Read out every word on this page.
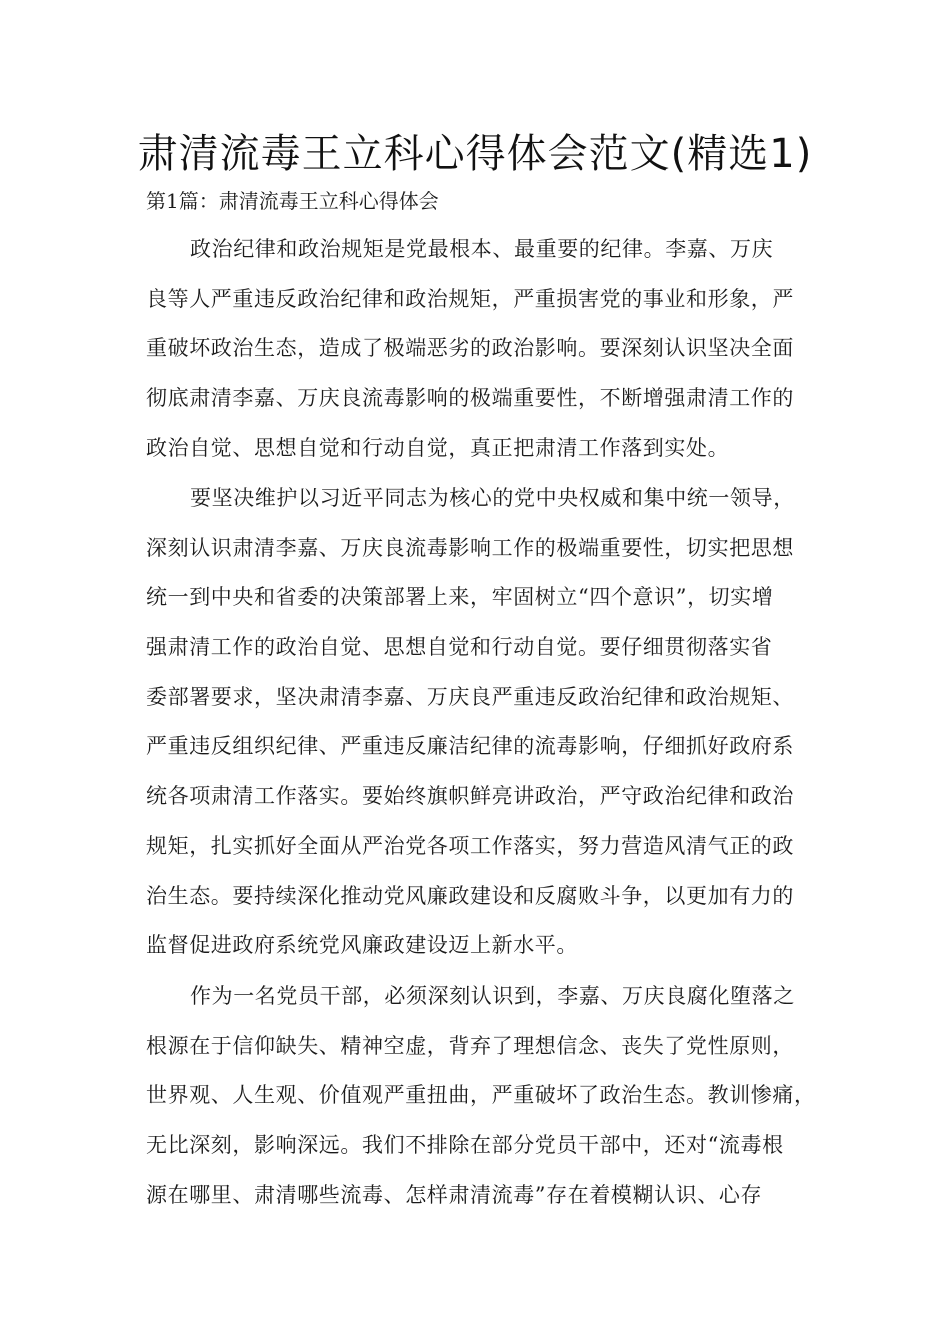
肃清流毒王立科心得体会范文(精选1)
第1篇：肃清流毒王立科心得体会
政治纪律和政治规矩是党最根本、最重要的纪律。李嘉、万庆
良等人严重违反政治纪律和政治规矩，严重损害党的事业和形象，严
重破坏政治生态，造成了极端恶劣的政治影响。要深刻认识坚决全面
彻底肃清李嘉、万庆良流毒影响的极端重要性，不断增强肃清工作的
政治自觉、思想自觉和行动自觉，真正把肃清工作落到实处。
要坚决维护以习近平同志为核心的党中央权威和集中统一领导，
深刻认识肃清李嘉、万庆良流毒影响工作的极端重要性，切实把思想
统一到中央和省委的决策部署上来，牢固树立“四个意识”，切实增
强肃清工作的政治自觉、思想自觉和行动自觉。要仔细贯彻落实省
委部署要求，坚决肃清李嘉、万庆良严重违反政治纪律和政治规矩、
严重违反组织纪律、严重违反廉洁纪律的流毒影响，仔细抓好政府系
统各项肃清工作落实。要始终旗帜鲜亮讲政治，严守政治纪律和政治
规矩，扎实抓好全面从严治党各项工作落实，努力营造风清气正的政
治生态。要持续深化推动党风廉政建设和反腐败斗争，以更加有力的
监督促进政府系统党风廉政建设迈上新水平。
作为一名党员干部，必须深刻认识到，李嘉、万庆良腐化堕落之
根源在于信仰缺失、精神空虚，背弃了理想信念、丧失了党性原则，
世界观、人生观、价值观严重扭曲，严重破坏了政治生态。教训惨痛，
无比深刻，影响深远。我们不排除在部分党员干部中，还对“流毒根
源在哪里、肃清哪些流毒、怎样肃清流毒”存在着模糊认识、心存
